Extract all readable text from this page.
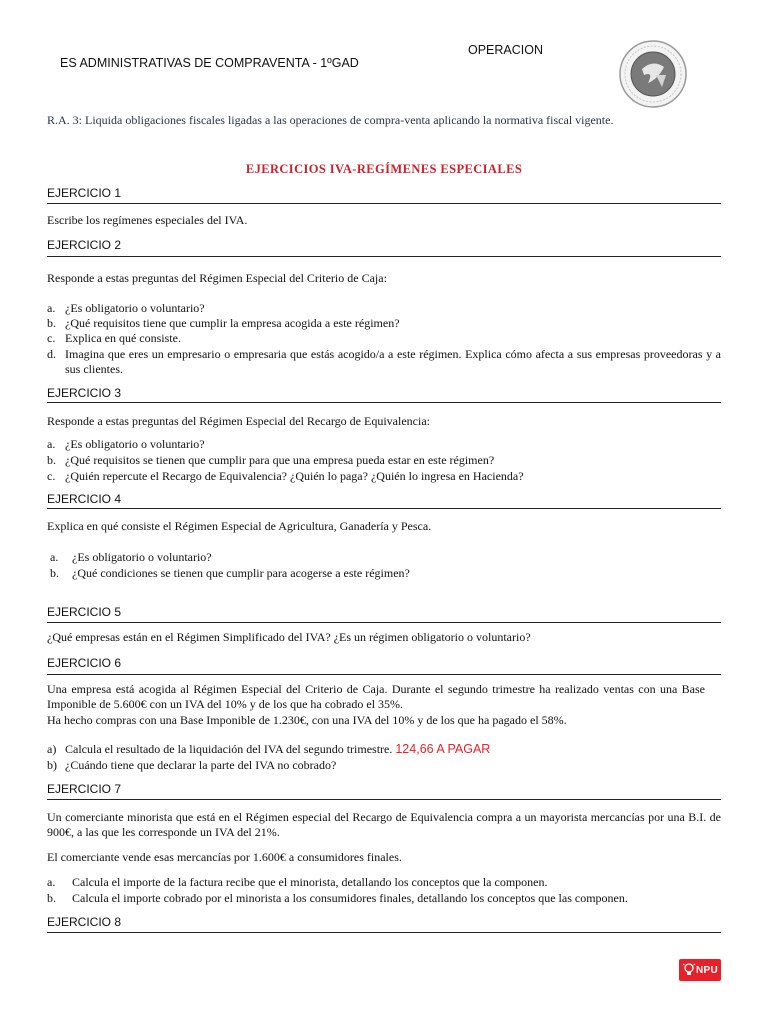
OPERACION
ES ADMINISTRATIVAS DE COMPRAVENTA - 1ºGAD
R.A. 3: Liquida obligaciones fiscales ligadas a las operaciones de compra-venta aplicando la normativa fiscal vigente.
EJERCICIOS IVA-REGÍMENES ESPECIALES
EJERCICIO 1
Escribe los regímenes especiales del IVA.
EJERCICIO 2
Responde a estas preguntas del Régimen Especial del Criterio de Caja:
a. ¿Es obligatorio o voluntario?
b. ¿Qué requisitos tiene que cumplir la empresa acogida a este régimen?
c. Explica en qué consiste.
d. Imagina que eres un empresario o empresaria que estás acogido/a a este régimen. Explica cómo afecta a sus empresas proveedoras y a sus clientes.
EJERCICIO 3
Responde a estas preguntas del Régimen Especial del Recargo de Equivalencia:
a. ¿Es obligatorio o voluntario?
b. ¿Qué requisitos se tienen que cumplir para que una empresa pueda estar en este régimen?
c. ¿Quién repercute el Recargo de Equivalencia? ¿Quién lo paga? ¿Quién lo ingresa en Hacienda?
EJERCICIO 4
Explica en qué consiste el Régimen Especial de Agricultura, Ganadería y Pesca.
a. ¿Es obligatorio o voluntario?
b. ¿Qué condiciones se tienen que cumplir para acogerse a este régimen?
EJERCICIO 5
¿Qué empresas están en el Régimen Simplificado del IVA? ¿Es un régimen obligatorio o voluntario?
EJERCICIO 6
Una empresa está acogida al Régimen Especial del Criterio de Caja. Durante el segundo trimestre ha realizado ventas con una Base Imponible de 5.600€ con un IVA del 10% y de los que ha cobrado el 35%.
Ha hecho compras con una Base Imponible de 1.230€, con una IVA del 10% y de los que ha pagado el 58%.
a) Calcula el resultado de la liquidación del IVA del segundo trimestre. 124,66 A PAGAR
b) ¿Cuándo tiene que declarar la parte del IVA no cobrado?
EJERCICIO 7
Un comerciante minorista que está en el Régimen especial del Recargo de Equivalencia compra a un mayorista mercancías por una B.I. de 900€, a las que les corresponde un IVA del 21%.
El comerciante vende esas mercancías por 1.600€ a consumidores finales.
a. Calcula el importe de la factura recibe que el minorista, detallando los conceptos que la componen.
b. Calcula el importe cobrado por el minorista a los consumidores finales, detallando los conceptos que las componen.
EJERCICIO 8
NPU
